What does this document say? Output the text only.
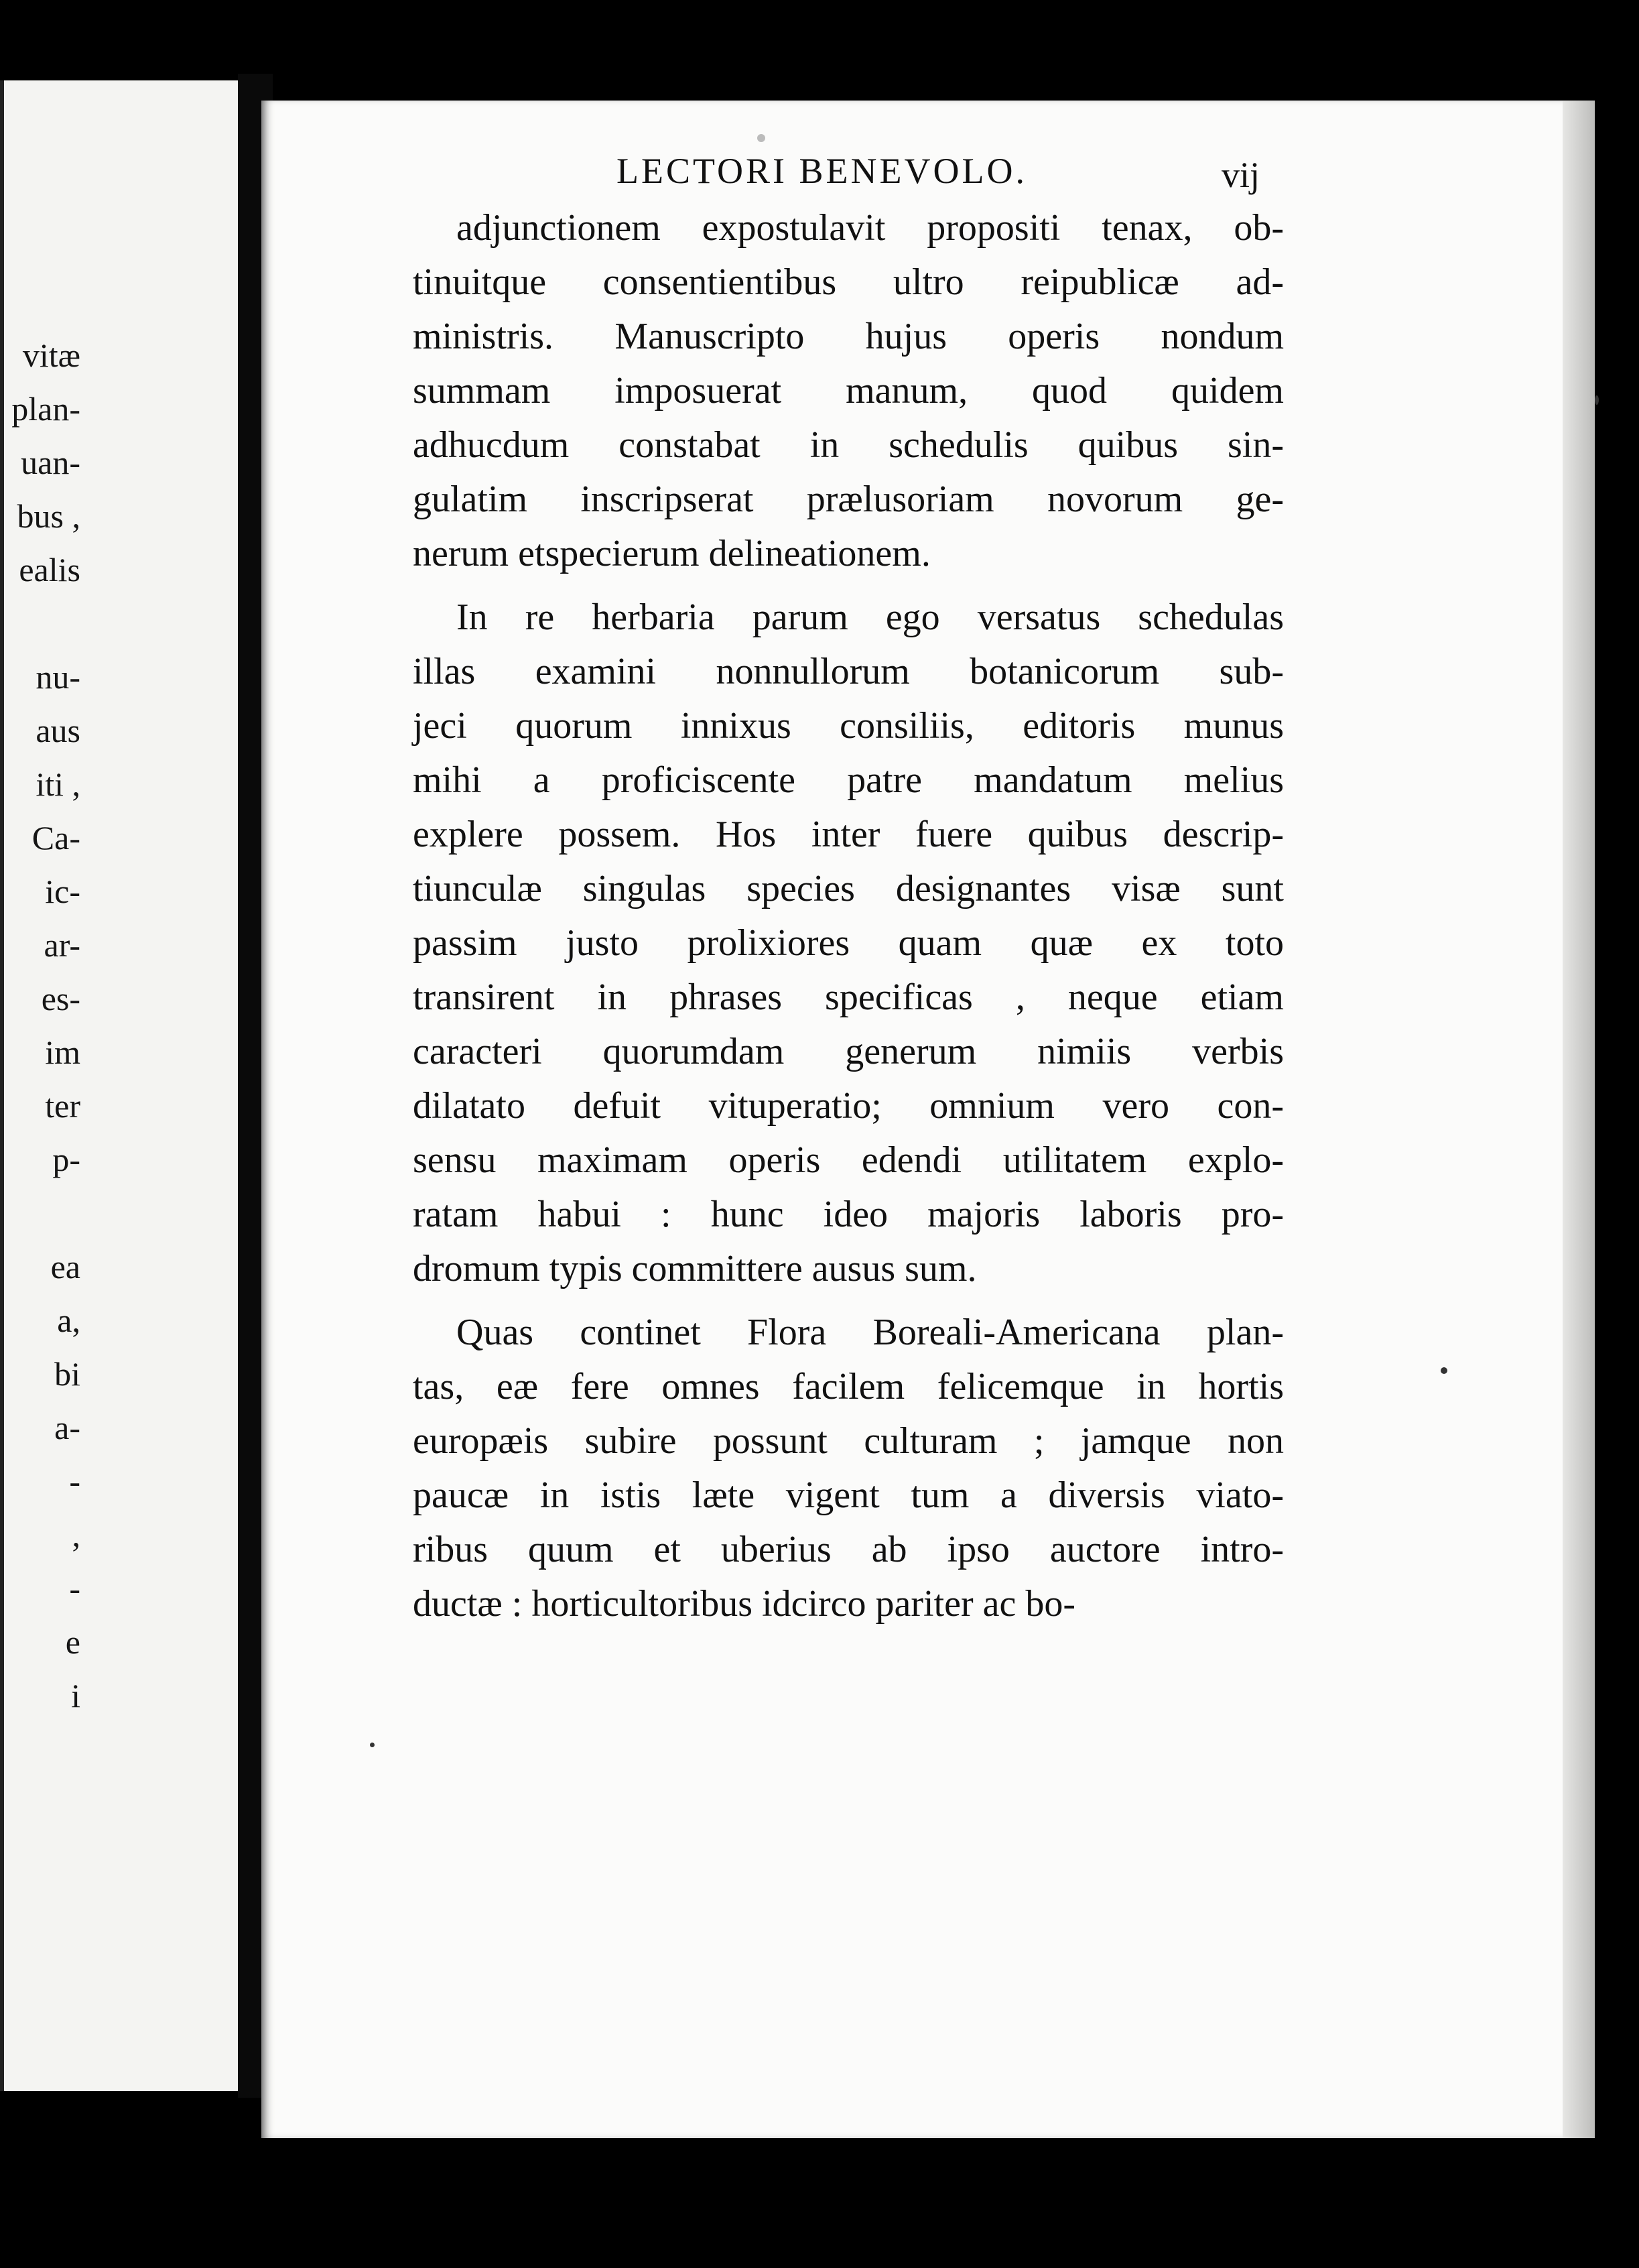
vitæ
plan-
uan-
bus ,
ealis
nu-
aus
iti ,
Ca-
ic-
ar-
es-
im
ter
p-
ea
a,
bi
a-
-
,
-
e
i
LECTORI BENEVOLO.	vij
adjunctionem expostulavit propositi tenax, ob-
tinuitque consentientibus ultro reipublicæ ad-
ministris. Manuscripto hujus operis nondum
summam imposuerat manum, quod quidem
adhucdum constabat in schedulis quibus sin-
gulatim inscripserat prælusoriam novorum ge-
nerum etspecierum delineationem.
In re herbaria parum ego versatus schedulas
illas examini nonnullorum botanicorum sub-
jeci quorum innixus consiliis, editoris munus
mihi a proficiscente patre mandatum melius
explere possem. Hos inter fuere quibus descrip-
tiunculæ singulas species designantes visæ sunt
passim justo prolixiores quam quæ ex toto
transirent in phrases specificas , neque etiam
caracteri quorumdam generum nimiis verbis
dilatato defuit vituperatio; omnium vero con-
sensu maximam operis edendi utilitatem explo-
ratam habui : hunc ideo majoris laboris pro-
dromum typis committere ausus sum.
Quas continet Flora Boreali-Americana plan-
tas, eæ fere omnes facilem felicemque in hortis
europæis subire possunt culturam ; jamque non
paucæ in istis læte vigent tum a diversis viato-
ribus quum et uberius ab ipso auctore intro-
ductæ : horticultoribus idcirco pariter ac bo-
